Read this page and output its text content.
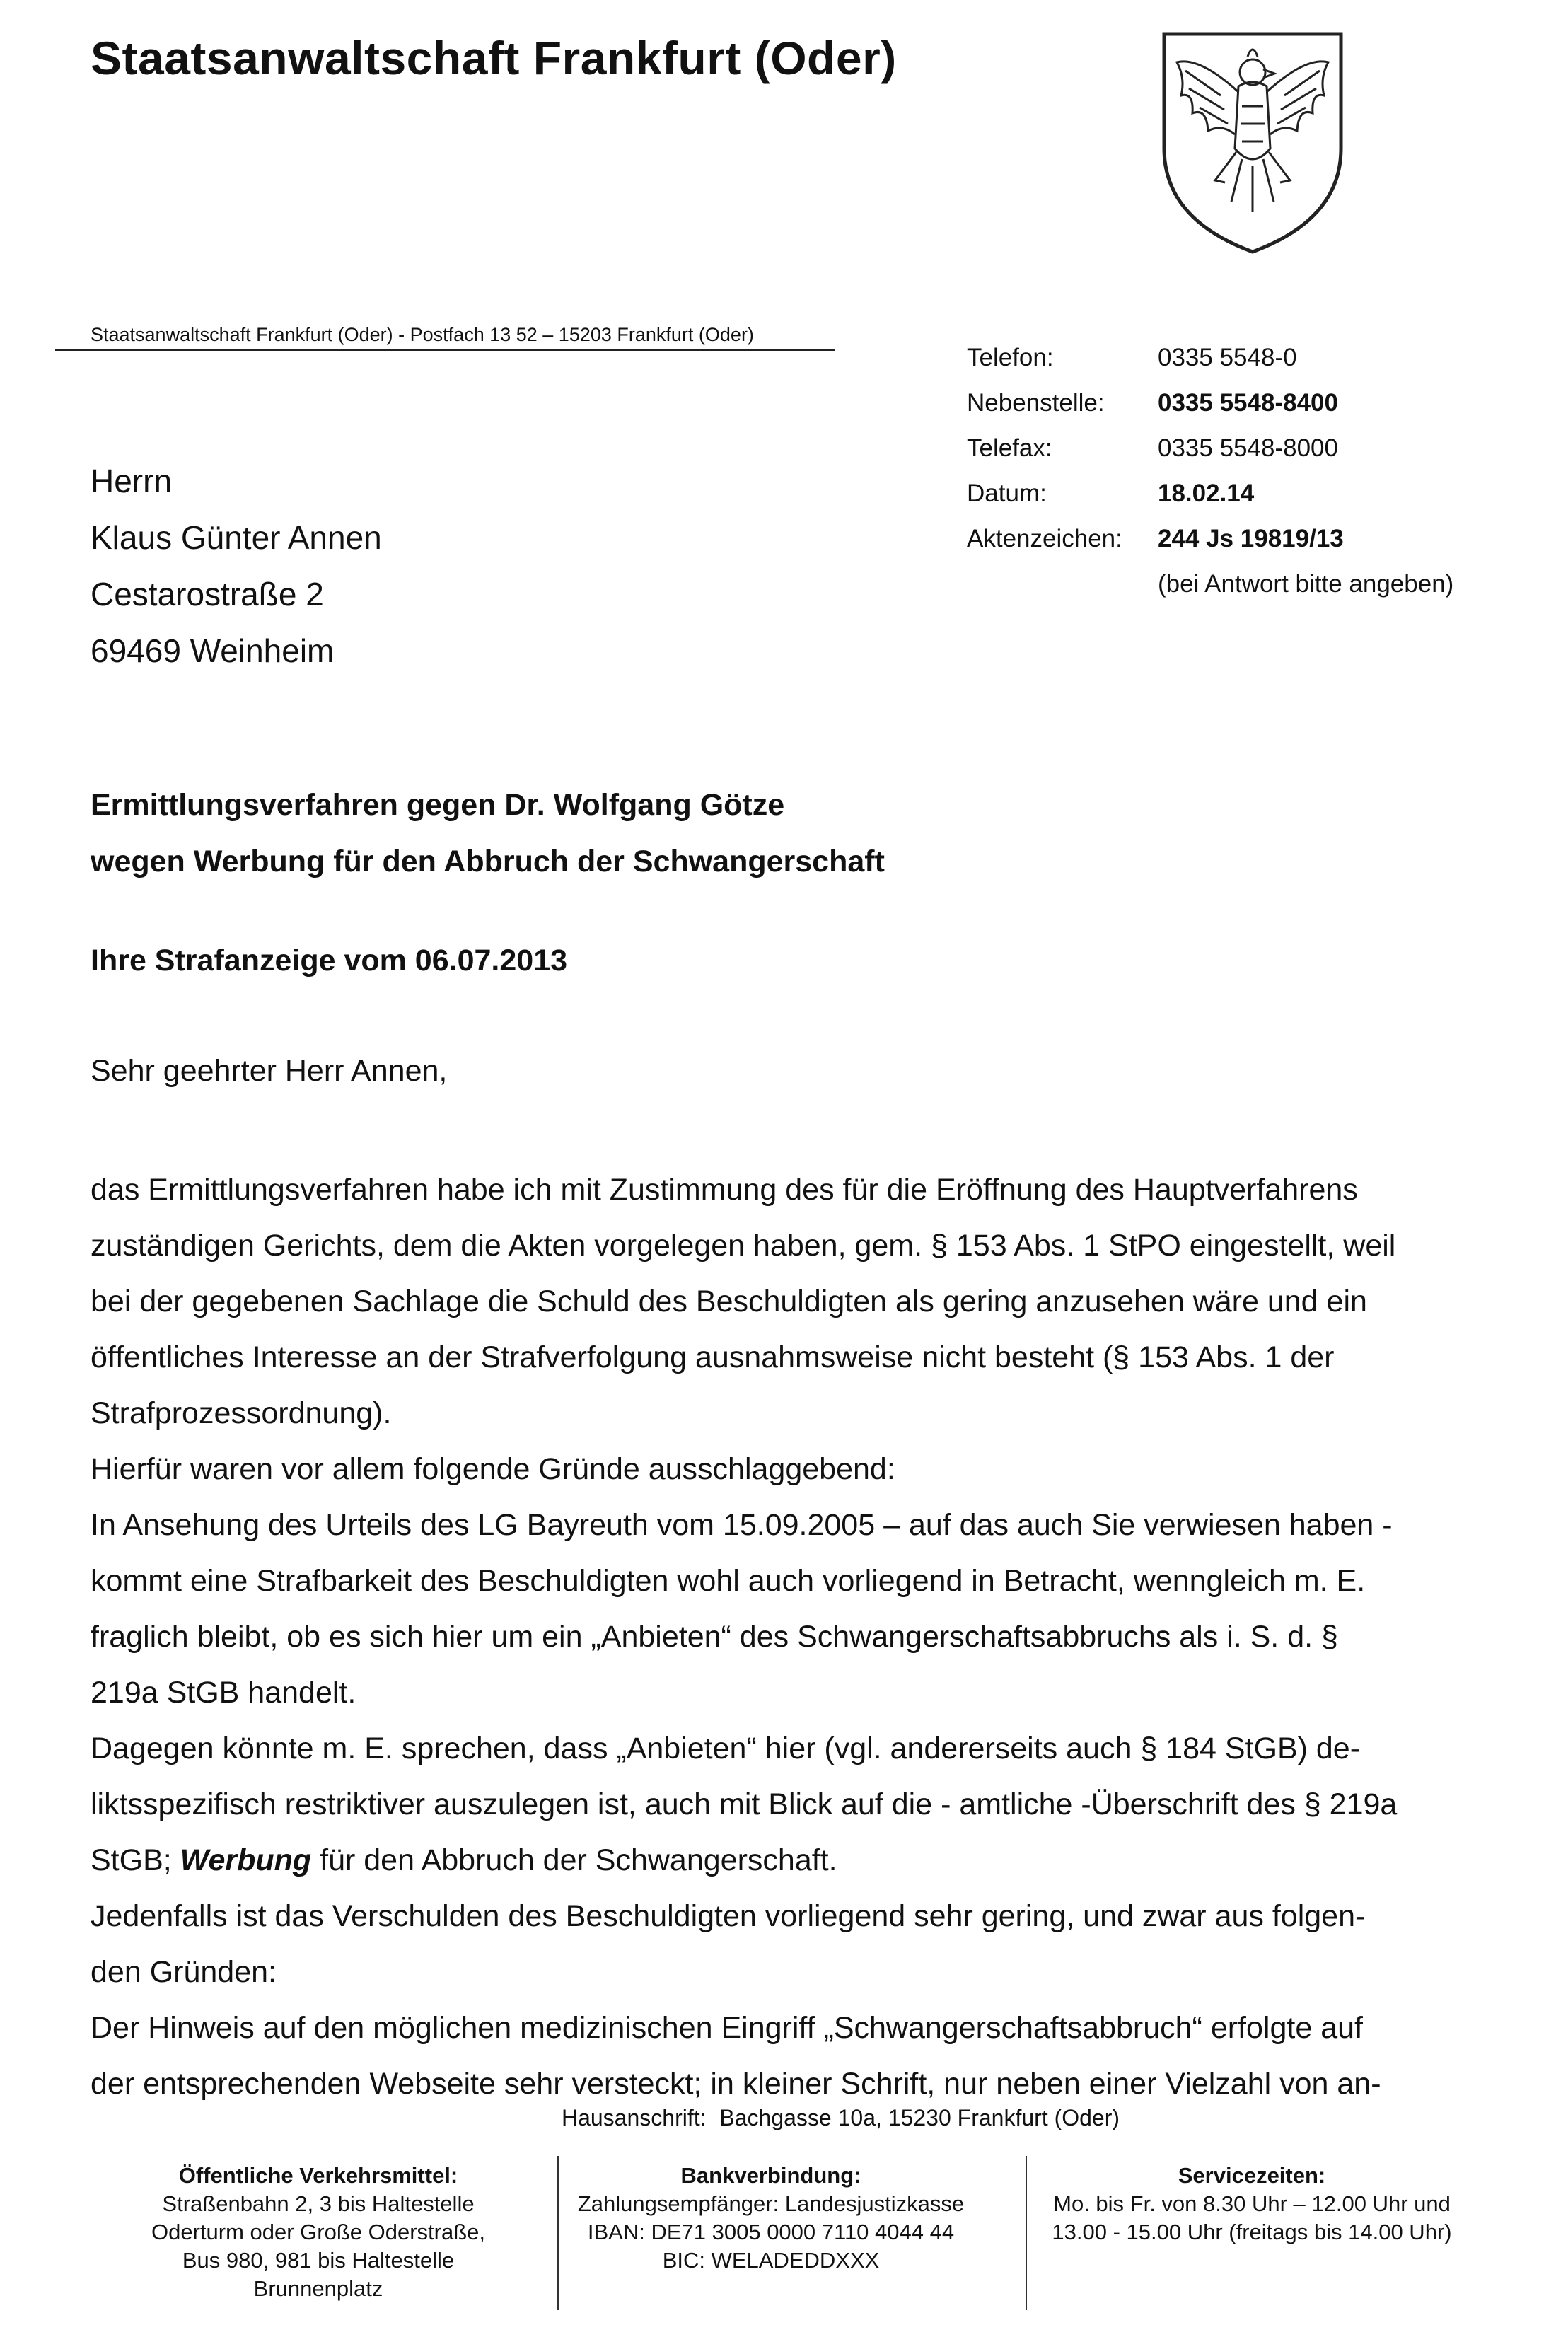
Staatsanwaltschaft Frankfurt (Oder)
Staatsanwaltschaft Frankfurt (Oder) - Postfach 13 52 – 15203 Frankfurt (Oder)
Herrn
Klaus Günter Annen
Cestarostraße 2
69469 Weinheim
Telefon:	0335 5548-0
Nebenstelle: 0335 5548-8400
Telefax:	0335 5548-8000
Datum:	18.02.14
Aktenzeichen: 244 Js 19819/13
(bei Antwort bitte angeben)
Ermittlungsverfahren gegen Dr. Wolfgang Götze
wegen Werbung für den Abbruch der Schwangerschaft
Ihre Strafanzeige vom 06.07.2013
Sehr geehrter Herr Annen,
das Ermittlungsverfahren habe ich mit Zustimmung des für die Eröffnung des Hauptverfahrens
zuständigen Gerichts, dem die Akten vorgelegen haben, gem. § 153 Abs. 1 StPO eingestellt, weil
bei der gegebenen Sachlage die Schuld des Beschuldigten als gering anzusehen wäre und ein
öffentliches Interesse an der Strafverfolgung ausnahmsweise nicht besteht (§ 153 Abs. 1 der
Strafprozessordnung).
Hierfür waren vor allem folgende Gründe ausschlaggebend:
In Ansehung des Urteils des LG Bayreuth vom 15.09.2005 – auf das auch Sie verwiesen haben -
kommt eine Strafbarkeit des Beschuldigten wohl auch vorliegend in Betracht, wenngleich m. E.
fraglich bleibt, ob es sich hier um ein „Anbieten“ des Schwangerschaftsabbruchs als i. S. d. §
219a StGB handelt.
Dagegen könnte m. E. sprechen, dass „Anbieten“ hier (vgl. andererseits auch § 184 StGB) de-
liktsspezifisch restriktiver auszulegen ist, auch mit Blick auf die - amtliche -Überschrift des § 219a
StGB; Werbung für den Abbruch der Schwangerschaft.
Jedenfalls ist das Verschulden des Beschuldigten vorliegend sehr gering, und zwar aus folgen-
den Gründen:
Der Hinweis auf den möglichen medizinischen Eingriff „Schwangerschaftsabbruch“ erfolgte auf
der entsprechenden Webseite sehr versteckt; in kleiner Schrift, nur neben einer Vielzahl von an-
Hausanschrift: Bachgasse 10a, 15230 Frankfurt (Oder)
Öffentliche Verkehrsmittel:
Straßenbahn 2, 3 bis Haltestelle
Oderturm oder Große Oderstraße,
Bus 980, 981 bis Haltestelle
Brunnenplatz
Bankverbindung:
Zahlungsempfänger: Landesjustizkasse
IBAN: DE71 3005 0000 7110 4044 44
BIC: WELADEDDXXX
Servicezeiten:
Mo. bis Fr. von 8.30 Uhr – 12.00 Uhr und
13.00 - 15.00 Uhr (freitags bis 14.00 Uhr)
